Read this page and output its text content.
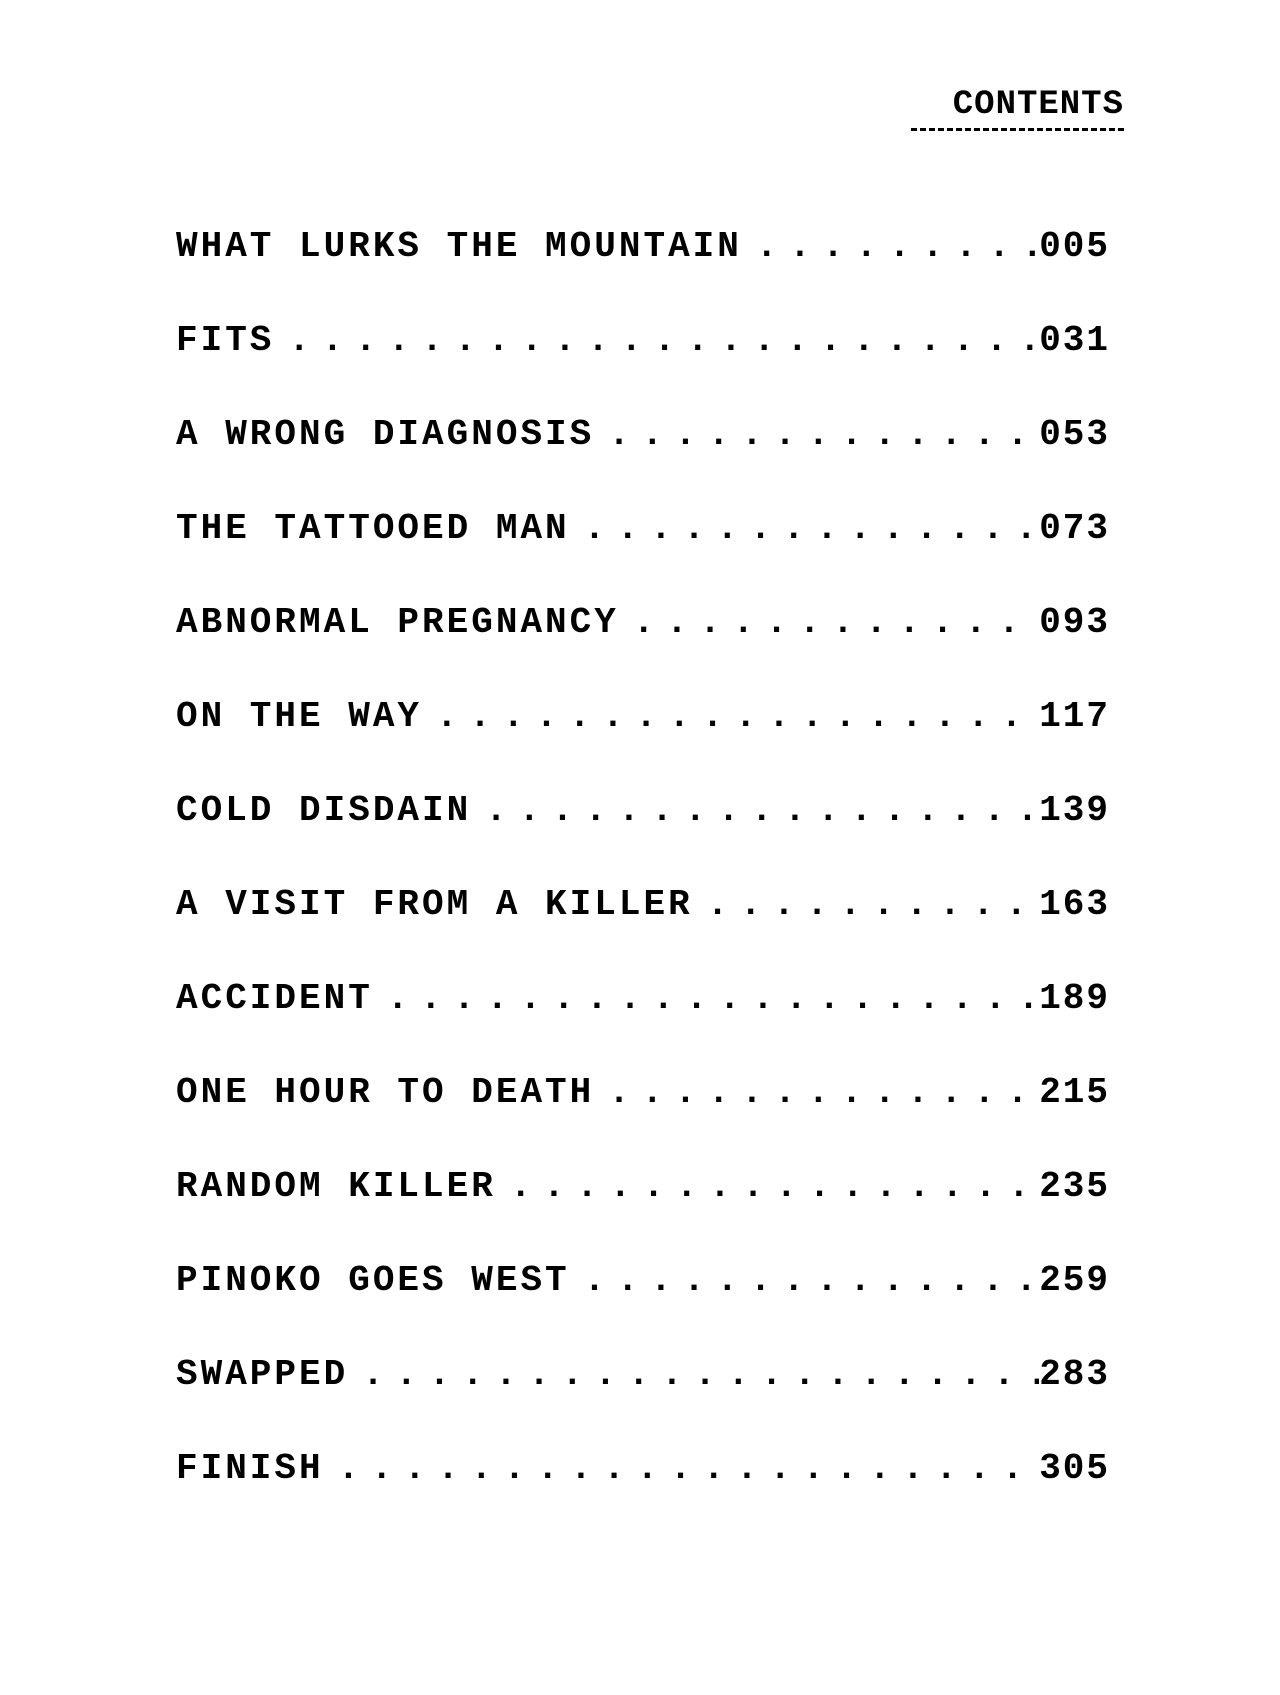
CONTENTS
WHAT LURKS THE MOUNTAIN . . .	005
FITS . . .	031
A WRONG DIAGNOSIS . . .	053
THE TATTOOED MAN . . .	073
ABNORMAL PREGNANCY . . .	093
ON THE WAY . . .	117
COLD DISDAIN . . .	139
A VISIT FROM A KILLER . . .	163
ACCIDENT . . .	189
ONE HOUR TO DEATH . . .	215
RANDOM KILLER . . .	235
PINOKO GOES WEST . . .	259
SWAPPED . . .	283
FINISH . . .	305
